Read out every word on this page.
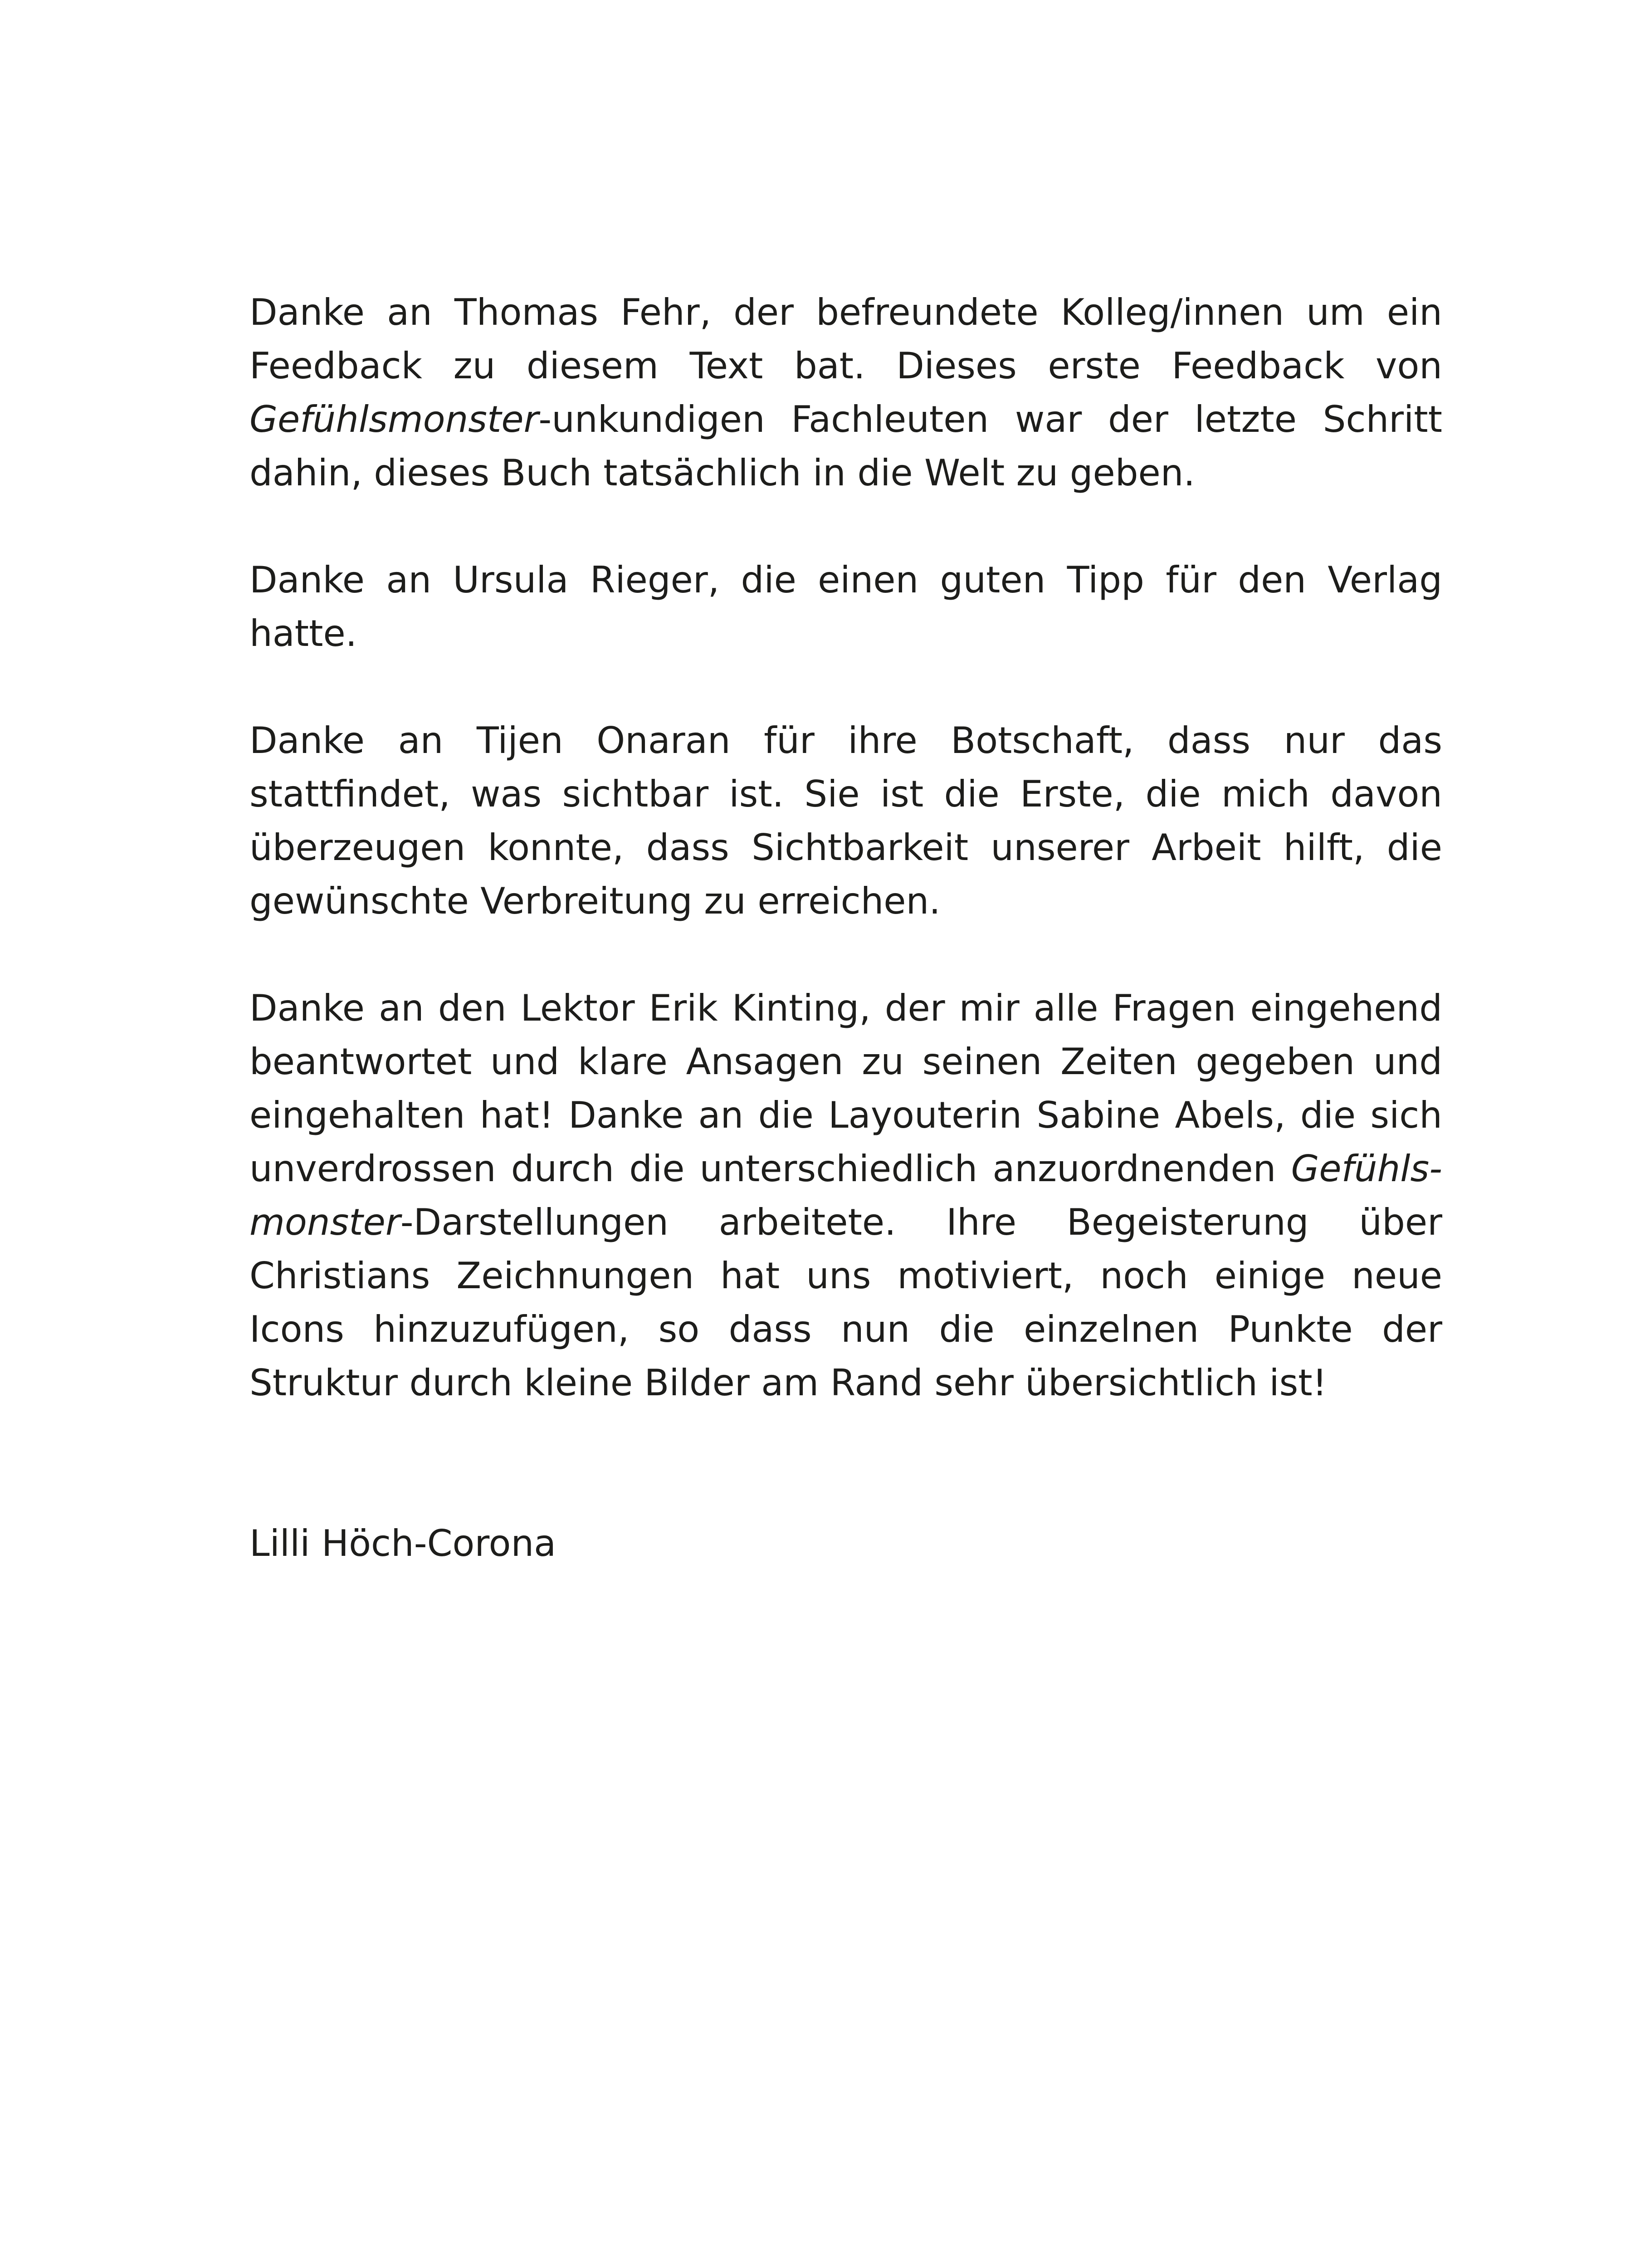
Danke an Thomas Fehr, der befreundete Kolleg/innen um ein Feedback zu diesem Text bat. Dieses erste Feedback von Gefühlsmonster-unkundigen Fachleuten war der letzte Schritt dahin, dieses Buch tatsächlich in die Welt zu geben.

Danke an Ursula Rieger, die einen guten Tipp für den Verlag hatte.

Danke an Tijen Onaran für ihre Botschaft, dass nur das stattfindet, was sichtbar ist. Sie ist die Erste, die mich davon überzeugen konnte, dass Sichtbarkeit unserer Arbeit hilft, die gewünschte Verbreitung zu erreichen.

Danke an den Lektor Erik Kinting, der mir alle Fragen eingehend beantwortet und klare Ansagen zu seinen Zeiten gegeben und eingehalten hat! Danke an die Layouterin Sabine Abels, die sich unverdrossen durch die unterschiedlich anzuordnenden Gefühlsmonster-Darstellungen arbeitete. Ihre Begeisterung über Christians Zeichnungen hat uns motiviert, noch einige neue Icons hinzuzufügen, so dass nun die einzelnen Punkte der Struktur durch kleine Bilder am Rand sehr übersichtlich ist!

Lilli Höch-Corona
